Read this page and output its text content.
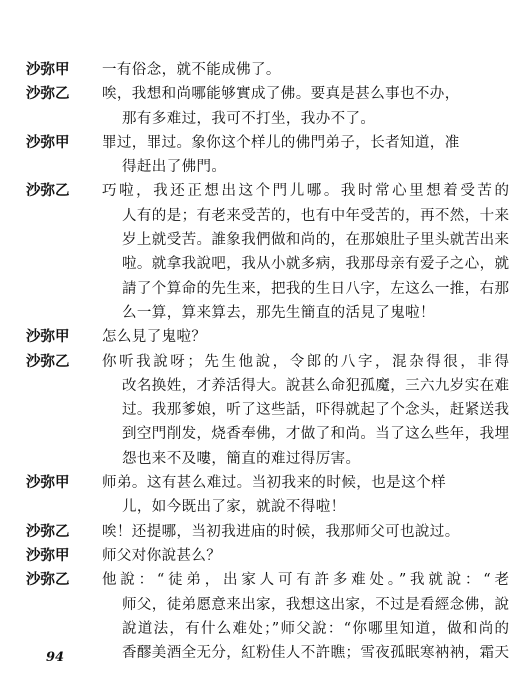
沙弥甲	一有俗念，就不能成佛了。
沙弥乙	唉，我想和尚哪能够實成了佛。要真是甚么事也不办，
那有多难过，我可不打坐，我办不了。
沙弥甲	罪过，罪过。象你这个样儿的佛門弟子，长者知道，准
得赶出了佛門。
沙弥乙	巧啦，我还正想出这个門儿哪。我时常心里想着受苦的
人有的是；有老来受苦的，也有中年受苦的，再不然，十来
岁上就受苦。誰象我們做和尚的，在那娘肚子里头就苦出来
啦。就拿我說吧，我从小就多病，我那母亲有爱子之心，就
請了个算命的先生来，把我的生日八字，左这么一推，右那
么一算，算来算去，那先生簡直的活見了鬼啦！
沙弥甲	怎么見了鬼啦？
沙弥乙	你听我說呀；先生他說，令郎的八字，混杂得很，非得
改名换姓，才养活得大。說甚么命犯孤魔，三六九岁实在难
过。我那爹娘，听了这些話，吓得就起了个念头，赶紧送我
到空門削发，烧香奉佛，才做了和尚。当了这么些年，我埋
怨也来不及嘍，簡直的难过得厉害。
沙弥甲	师弟。这有甚么难过。当初我来的时候，也是这个样
儿，如今既出了家，就說不得啦！
沙弥乙	唉！还提哪，当初我进庙的时候，我那师父可也說过。
沙弥甲	师父对你說甚么？
沙弥乙	他說：“徒弟，出家人可有許多难处。”我就說：“老
师父，徒弟愿意来出家，我想这出家，不过是看經念佛，說
說道法，有什么难处；”师父說：“你哪里知道，做和尚的
香醪美酒全无分，紅粉佳人不許瞧；雪夜孤眠寒衲衲，霜天
94
